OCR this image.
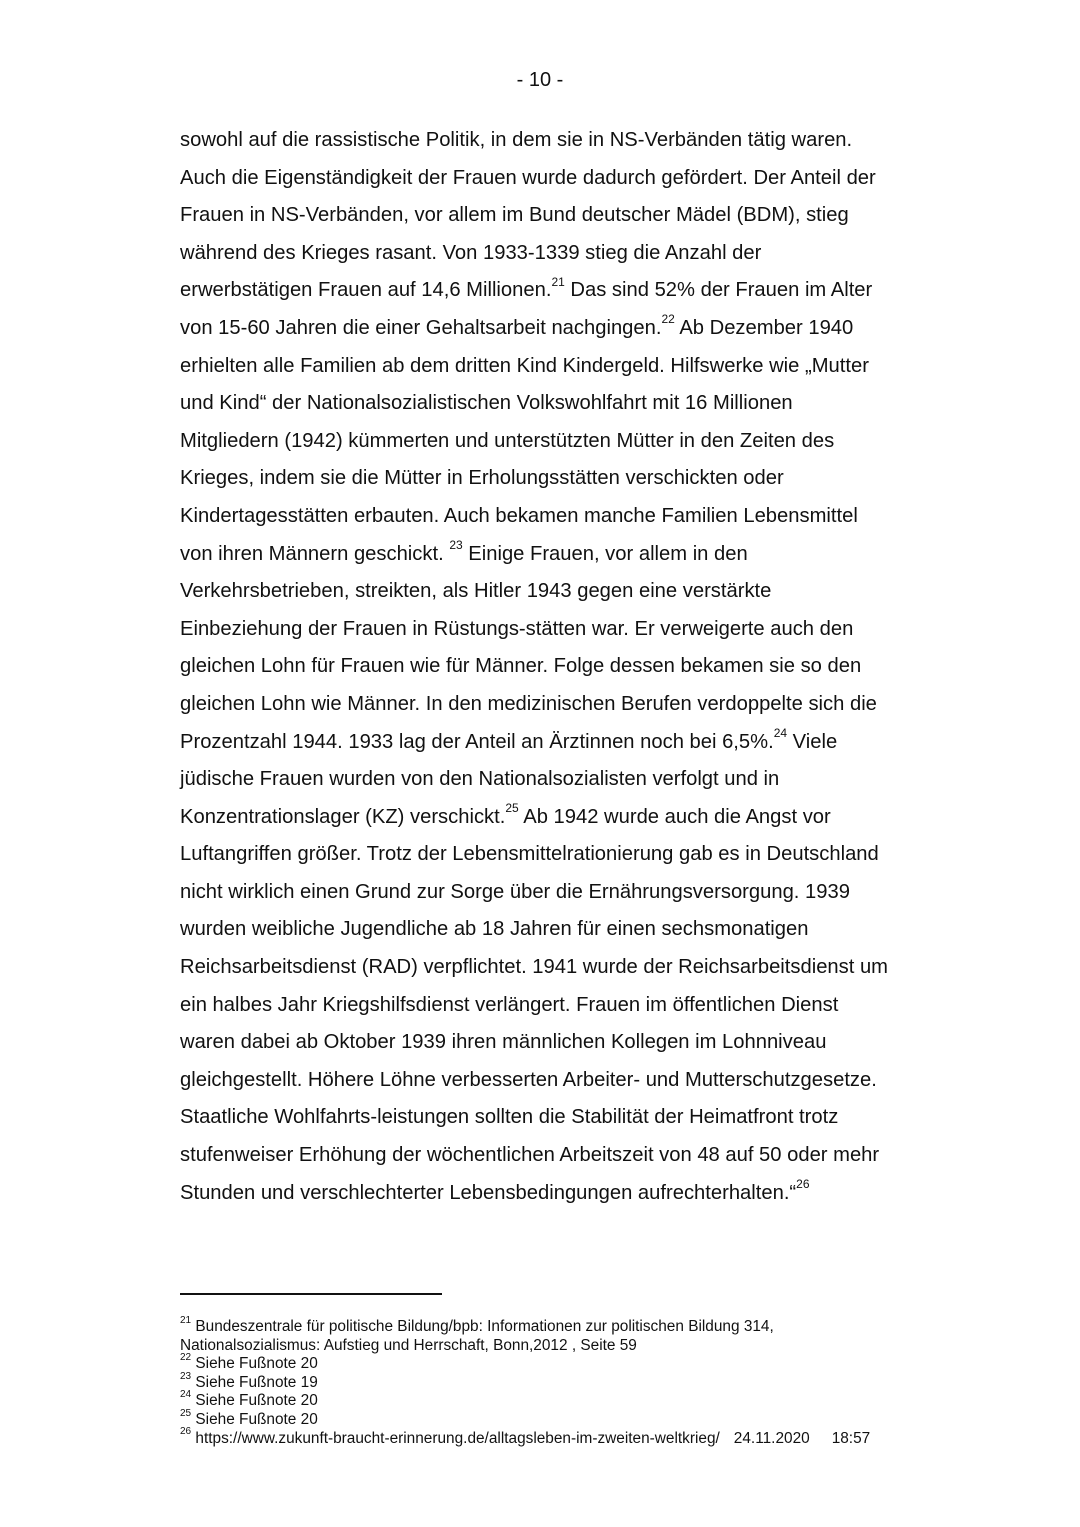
- 10 -
sowohl auf die rassistische Politik, in dem sie in NS-Verbänden tätig waren.
Auch die Eigenständigkeit der Frauen wurde dadurch gefördert. Der Anteil der
Frauen in NS-Verbänden, vor allem im Bund deutscher Mädel (BDM), stieg
während des Krieges rasant. Von 1933-1339 stieg die Anzahl der
erwerbstätigen Frauen auf 14,6 Millionen.$^{21}$ Das sind 52% der Frauen im Alter
von 15-60 Jahren die einer Gehaltsarbeit nachgingen.$^{22}$ Ab Dezember 1940
erhielten alle Familien ab dem dritten Kind Kindergeld. Hilfswerke wie „Mutter
und Kind“ der Nationalsozialistischen Volkswohlfahrt mit 16 Millionen
Mitgliedern (1942) kümmerten und unterstützten Mütter in den Zeiten des
Krieges, indem sie die Mütter in Erholungsstätten verschickten oder
Kindertagesstätten erbauten. Auch bekamen manche Familien Lebensmittel
von ihren Männern geschickt. $^{23}$ Einige Frauen, vor allem in den
Verkehrsbetrieben, streikten, als Hitler 1943 gegen eine verstärkte
Einbeziehung der Frauen in Rüstungs-stätten war. Er verweigerte auch den
gleichen Lohn für Frauen wie für Männer. Folge dessen bekamen sie so den
gleichen Lohn wie Männer. In den medizinischen Berufen verdoppelte sich die
Prozentzahl 1944. 1933 lag der Anteil an Ärztinnen noch bei 6,5%.$^{24}$ Viele
jüdische Frauen wurden von den Nationalsozialisten verfolgt und in
Konzentrationslager (KZ) verschickt.$^{25}$ Ab 1942 wurde auch die Angst vor
Luftangriffen größer. Trotz der Lebensmittelrationierung gab es in Deutschland
nicht wirklich einen Grund zur Sorge über die Ernährungsversorgung. 1939
wurden weibliche Jugendliche ab 18 Jahren für einen sechsmonatigen
Reichsarbeitsdienst (RAD) verpflichtet. 1941 wurde der Reichsarbeitsdienst um
ein halbes Jahr Kriegshilfsdienst verlängert. Frauen im öffentlichen Dienst
waren dabei ab Oktober 1939 ihren männlichen Kollegen im Lohnniveau
gleichgestellt. Höhere Löhne verbesserten Arbeiter- und Mutterschutzgesetze.
Staatliche Wohlfahrts-leistungen sollten die Stabilität der Heimatfront trotz
stufenweiser Erhöhung der wöchentlichen Arbeitszeit von 48 auf 50 oder mehr
Stunden und verschlechterter Lebensbedingungen aufrechterhalten.“$^{26}$
$^{21}$ Bundeszentrale für politische Bildung/bpb: Informationen zur politischen Bildung 314,
Nationalsozialismus: Aufstieg und Herrschaft, Bonn,2012 , Seite 59
$^{22}$ Siehe Fußnote 20
$^{23}$ Siehe Fußnote 19
$^{24}$ Siehe Fußnote 20
$^{25}$ Siehe Fußnote 20
$^{26}$ https://www.zukunft-braucht-erinnerung.de/alltagsleben-im-zweiten-weltkrieg/ 24.11.2020 18:57
